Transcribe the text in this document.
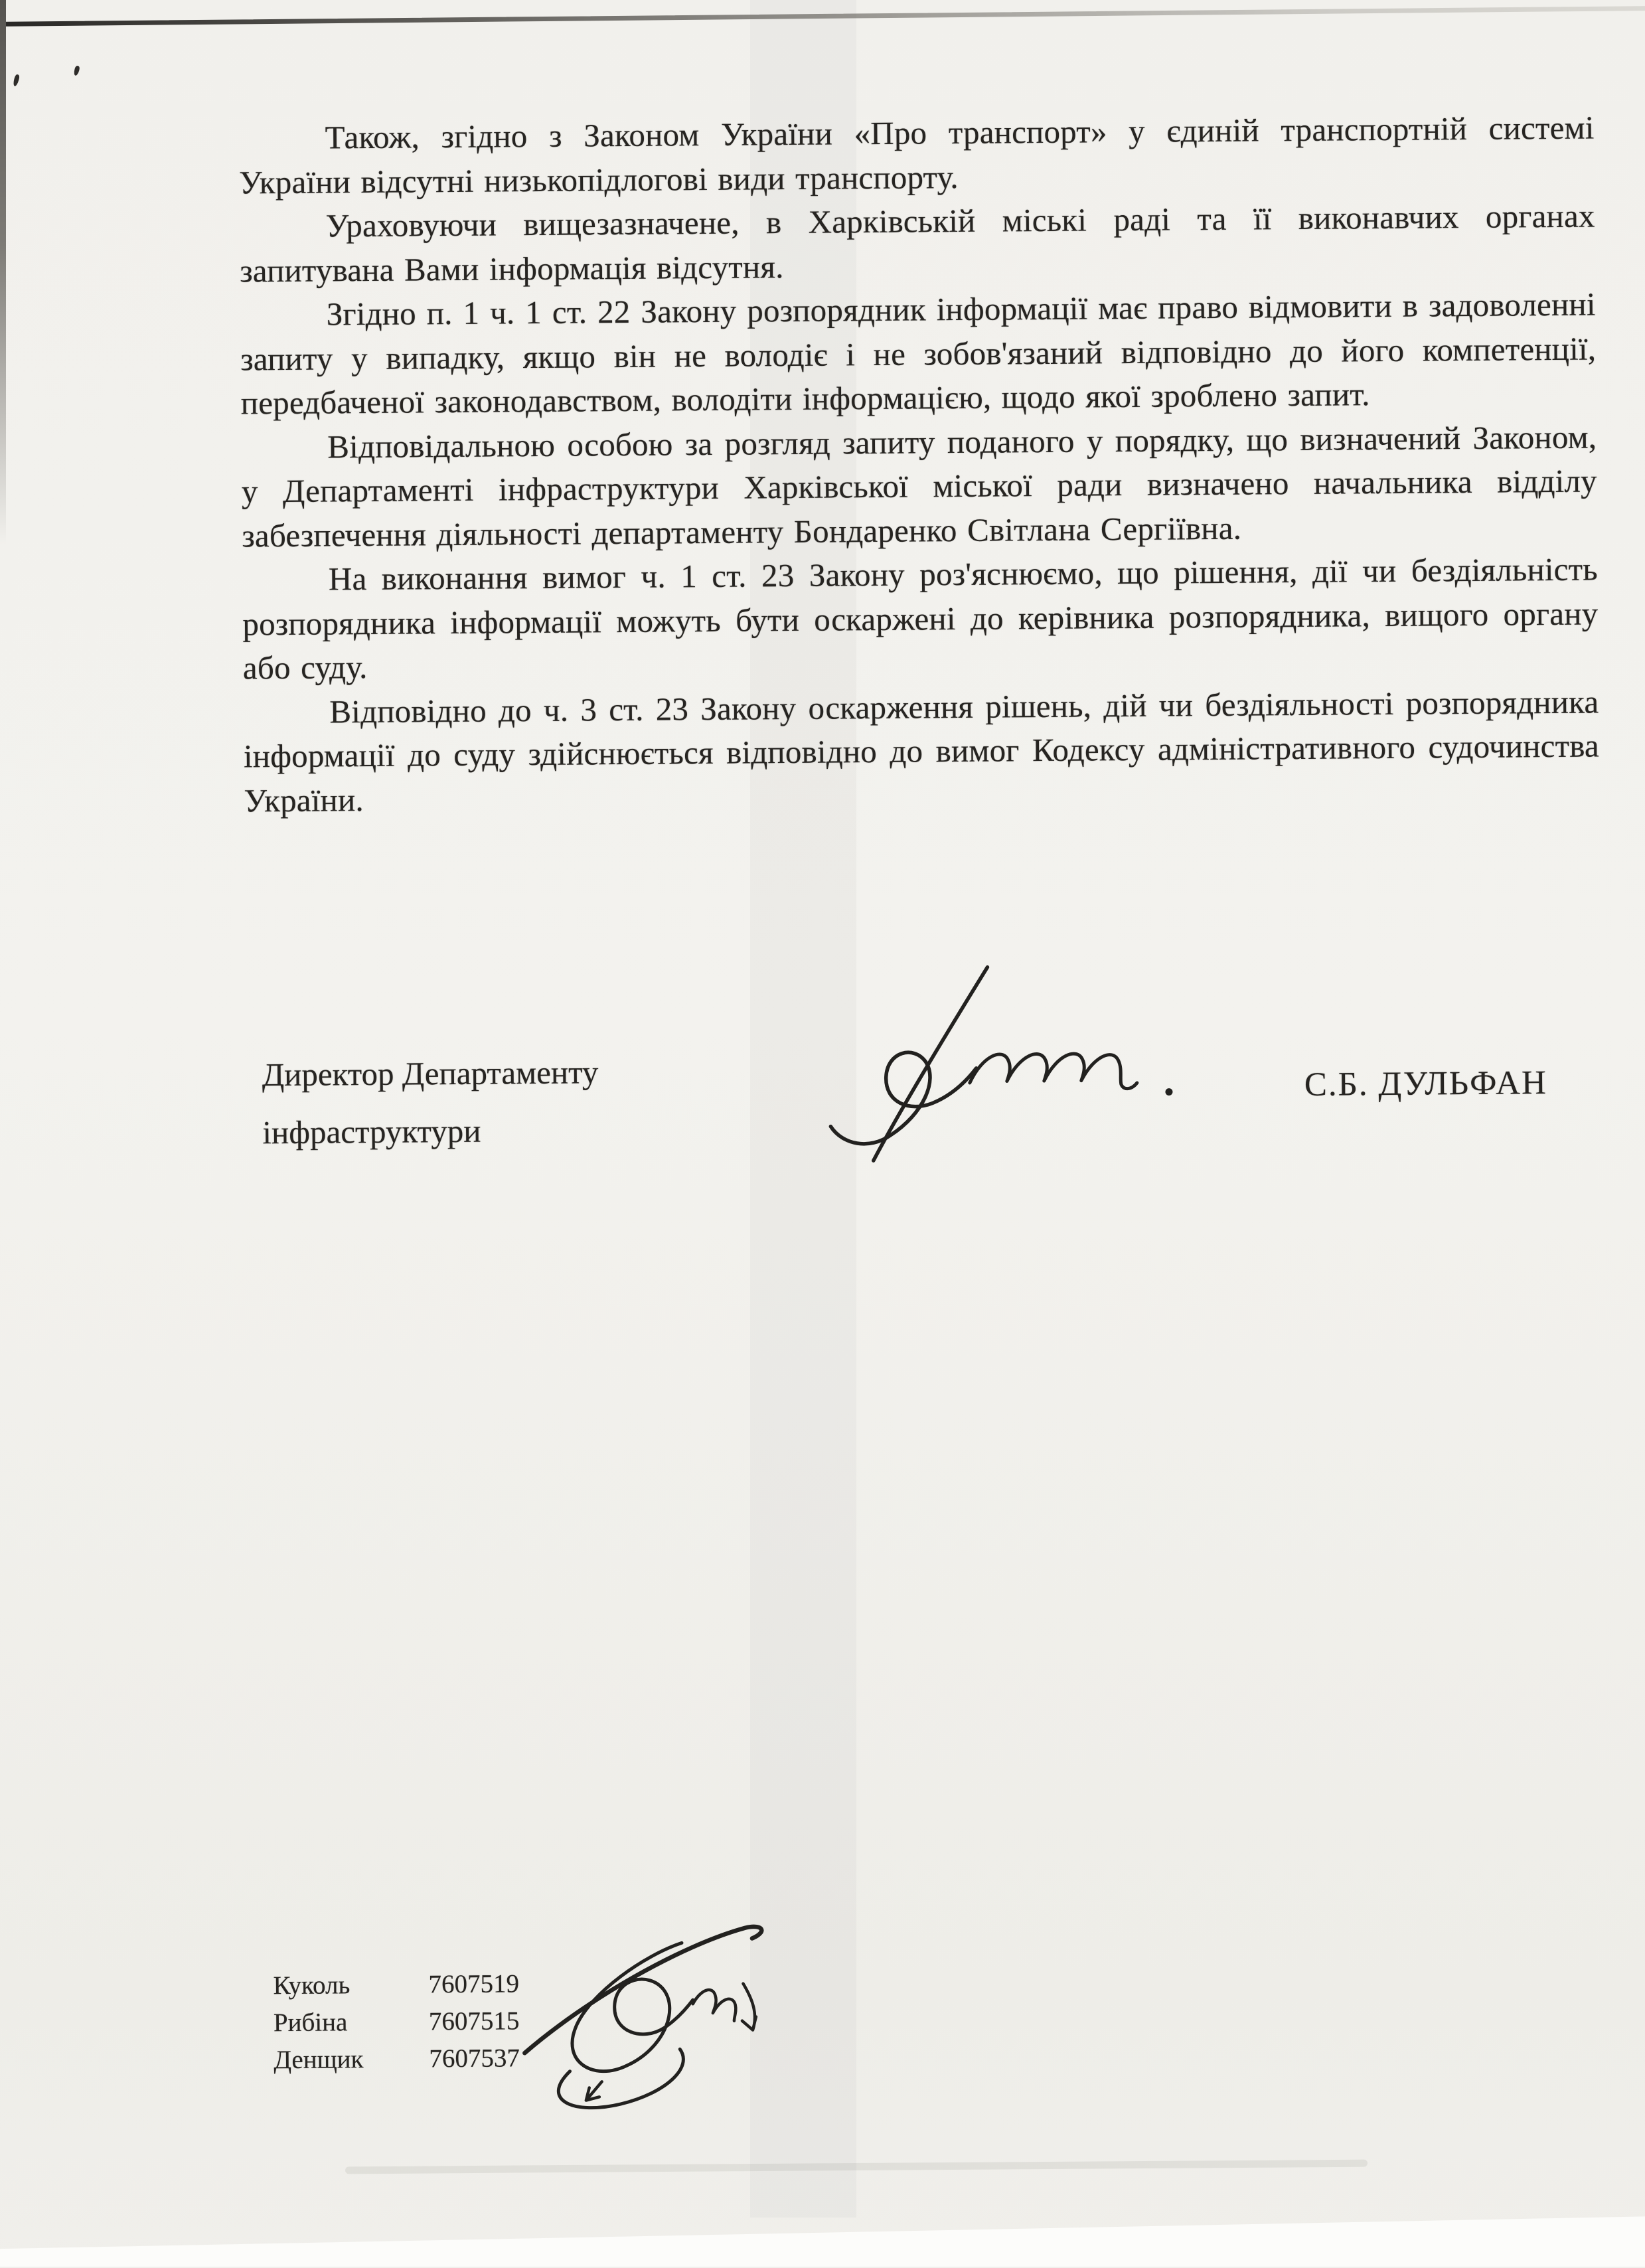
Також, згідно з Законом України «Про транспорт» у єдиній транспортній системі України відсутні низькопідлогові види транспорту.

Ураховуючи вищезазначене, в Харківській міські раді та її виконавчих органах запитувана Вами інформація відсутня.

Згідно п. 1 ч. 1 ст. 22 Закону розпорядник інформації має право відмовити в задоволенні запиту у випадку, якщо він не володіє і не зобов'язаний відповідно до його компетенції, передбаченої законодавством, володіти інформацією, щодо якої зроблено запит.

Відповідальною особою за розгляд запиту поданого у порядку, що визначений Законом, у Департаменті інфраструктури Харківської міської ради визначено начальника відділу забезпечення діяльності департаменту Бондаренко Світлана Сергіївна.

На виконання вимог ч. 1 ст. 23 Закону роз'яснюємо, що рішення, дії чи бездіяльність розпорядника інформації можуть бути оскаржені до керівника розпорядника, вищого органу або суду.

Відповідно до ч. 3 ст. 23 Закону оскарження рішень, дій чи бездіяльності розпорядника інформації до суду здійснюється відповідно до вимог Кодексу адміністративного судочинства України.

Директор Департаменту
інфраструктури
С.Б. ДУЛЬФАН
Куколь	7607519
Рибіна	7607515
Денщик	7607537
